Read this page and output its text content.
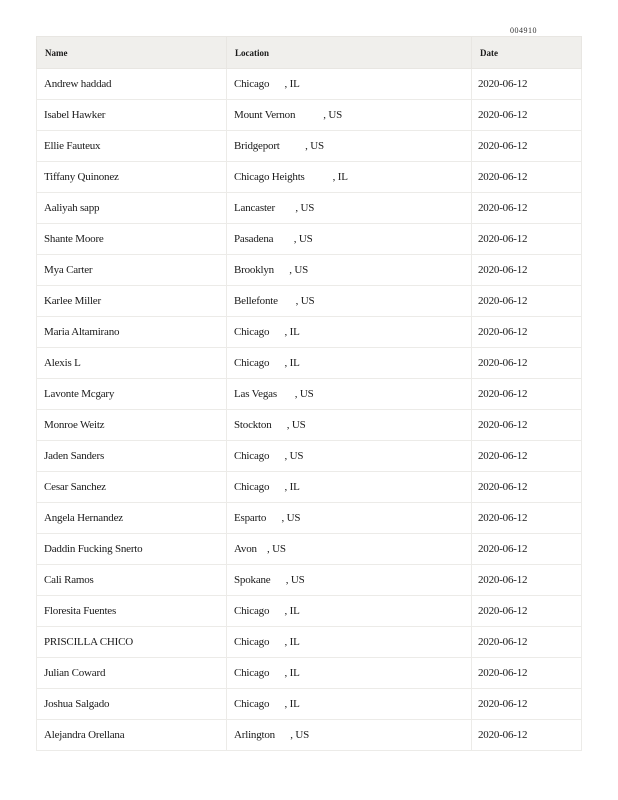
004910
Name	Location	Date
Andrew haddad	Chicago      , IL	2020-06-12
Isabel Hawker	Mount Vernon           , US	2020-06-12
Ellie Fauteux	Bridgeport          , US	2020-06-12
Tiffany Quinonez	Chicago Heights           , IL	2020-06-12
Aaliyah sapp	Lancaster        , US	2020-06-12
Shante Moore	Pasadena        , US	2020-06-12
Mya Carter	Brooklyn      , US	2020-06-12
Karlee Miller	Bellefonte       , US	2020-06-12
Maria Altamirano	Chicago      , IL	2020-06-12
Alexis L	Chicago      , IL	2020-06-12
Lavonte Mcgary	Las Vegas       , US	2020-06-12
Monroe Weitz	Stockton      , US	2020-06-12
Jaden Sanders	Chicago      , US	2020-06-12
Cesar Sanchez	Chicago      , IL	2020-06-12
Angela Hernandez	Esparto      , US	2020-06-12
Daddin Fucking Snerto	Avon    , US	2020-06-12
Cali Ramos	Spokane      , US	2020-06-12
Floresita Fuentes	Chicago      , IL	2020-06-12
PRISCILLA CHICO	Chicago      , IL	2020-06-12
Julian Coward	Chicago      , IL	2020-06-12
Joshua Salgado	Chicago      , IL	2020-06-12
Alejandra Orellana	Arlington      , US	2020-06-12
